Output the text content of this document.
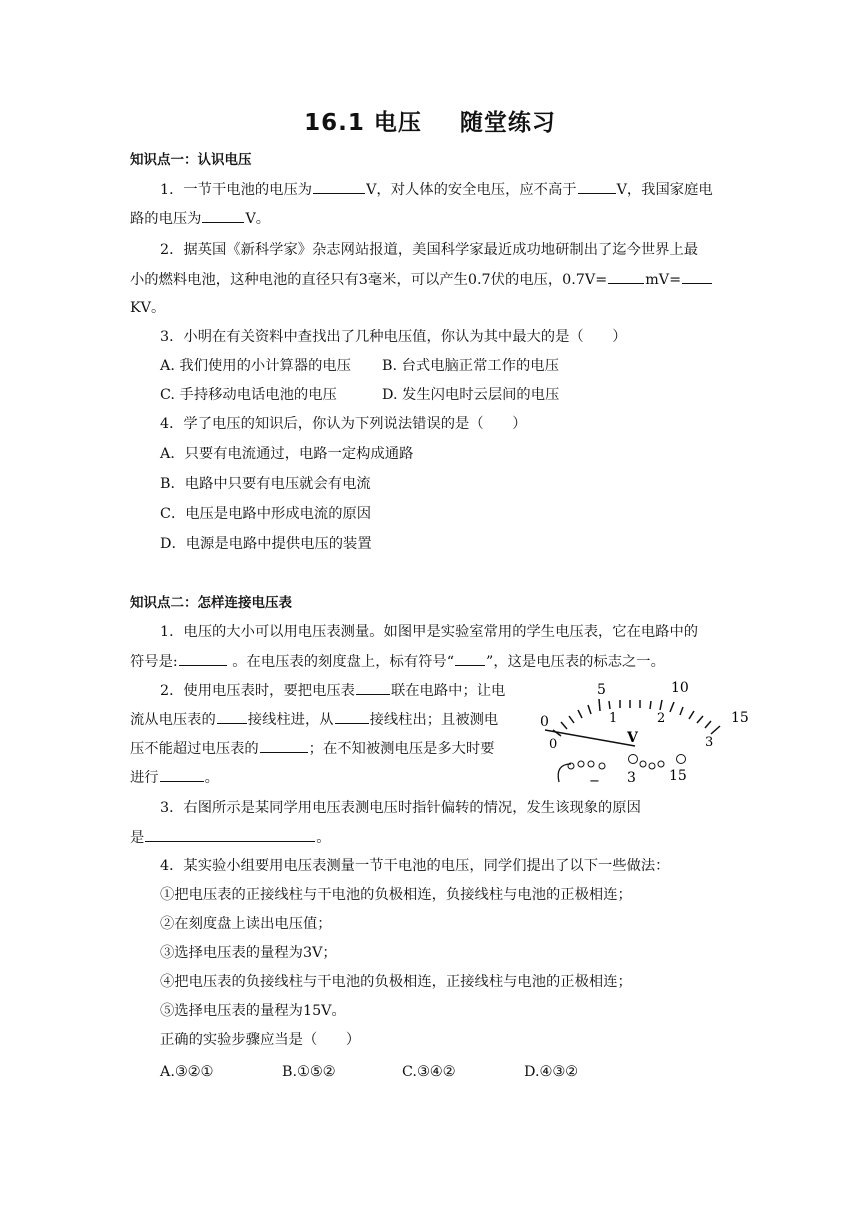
16.1 电压 随堂练习
知识点一：认识电压
1．一节干电池的电压为	V，对人体的安全电压，应不高于	V，我国家庭电
路的电压为	V。
2．据英国《新科学家》杂志网站报道，美国科学家最近成功地研制出了迄今世界上最
小的燃料电池，这种电池的直径只有3毫米，可以产生0.7伏的电压，0.7V=	mV=
KV。
3．小明在有关资料中查找出了几种电压值，你认为其中最大的是（　　）
A. 我们使用的小计算器的电压 B. 台式电脑正常工作的电压
C. 手持移动电话电池的电压	D. 发生闪电时云层间的电压
4．学了电压的知识后，你认为下列说法错误的是（　　）
A．只要有电流通过，电路一定构成通路
B．电路中只要有电压就会有电流
C．电压是电路中形成电流的原因
D．电源是电路中提供电压的装置
知识点二：怎样连接电压表
1．电压的大小可以用电压表测量。如图甲是实验室常用的学生电压表，它在电路中的
符号是:	。在电压表的刻度盘上，标有符号“ ”，这是电压表的标志之一。
2．使用电压表时，要把电压表	联在电路中；让电
流从电压表的 接线柱进，从	接线柱出；且被测电
压不能超过电压表的	；在不知被测电压是多大时要
进行	。
0
5	10
15
0
1	2
3
V
− 3 15
3．右图所示是某同学用电压表测电压时指针偏转的情况，发生该现象的原因
是	。
4．某实验小组要用电压表测量一节干电池的电压，同学们提出了以下一些做法：
①把电压表的正接线柱与干电池的负极相连，负接线柱与电池的正极相连；
②在刻度盘上读出电压值；
③选择电压表的量程为3V；
④把电压表的负接线柱与干电池的负极相连，正接线柱与电池的正极相连；
⑤选择电压表的量程为15V。
正确的实验步骤应当是（　　）
A.③②①	B.①⑤②	C.③④②	D.④③②
